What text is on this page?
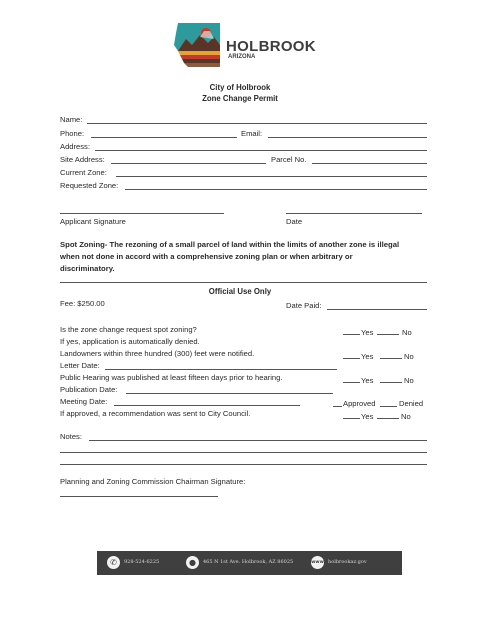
HOLBROOK
ARIZONA
City of Holbrook
Zone Change Permit
Name:
Phone:	Email:
Address:
Site Address:	Parcel No.
Current Zone:
Requested Zone:
Applicant Signature	Date
Spot Zoning- The rezoning of a small parcel of land within the limits of another zone is illegal
when not done in accord with a comprehensive zoning plan or when arbitrary or
discriminatory.
Official Use Only
Fee: $250.00	Date Paid:
Is the zone change request spot zoning?	Yes	No
If yes, application is automatically denied.
Landowners within three hundred (300) feet were notified.	Yes	No
Letter Date:
Public Hearing was published at least fifteen days prior to hearing.	Yes	No
Publication Date:
Meeting Date:	Approved	Denied
If approved, a recommendation was sent to City Council.	Yes	No
Notes:
Planning and Zoning Commission Chairman Signature:
✆	928-524-6225	●	465 N 1st Ave. Holbrook, AZ 86025	www holbrookaz.gov
